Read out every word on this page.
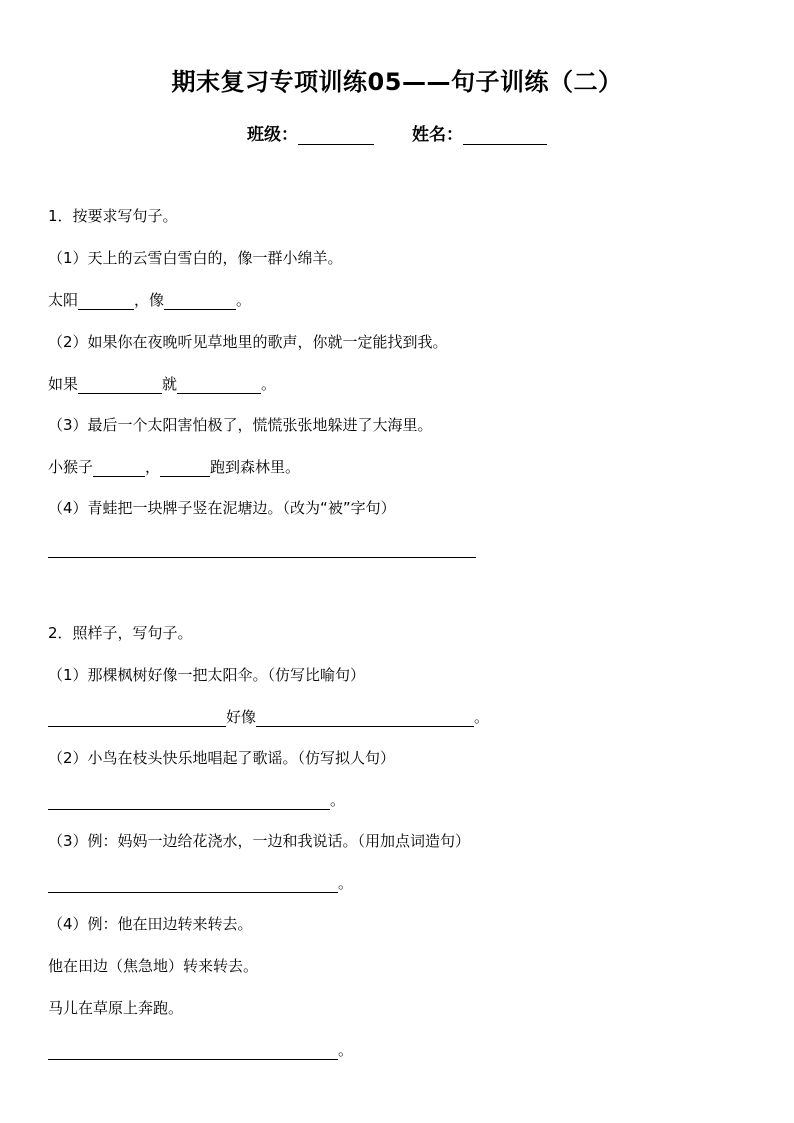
期末复习专项训练05——句子训练（二）
班级：	姓名：
1．按要求写句子。
（1）天上的云雪白雪白的，像一群小绵羊。
太阳	，像	。
（2）如果你在夜晚听见草地里的歌声，你就一定能找到我。
如果	就	。
（3）最后一个太阳害怕极了，慌慌张张地躲进了大海里。
小猴子	，	跑到森林里。
（4）青蛙把一块牌子竖在泥塘边。（改为“被”字句）
2．照样子，写句子。
（1）那棵枫树好像一把太阳伞。（仿写比喻句）
好像	。
（2）小鸟在枝头快乐地唱起了歌谣。（仿写拟人句）
。
（3）例：妈妈一边给花浇水，一边和我说话。（用加点词造句）
。
（4）例：他在田边转来转去。
他在田边（焦急地）转来转去。
马儿在草原上奔跑。
。
